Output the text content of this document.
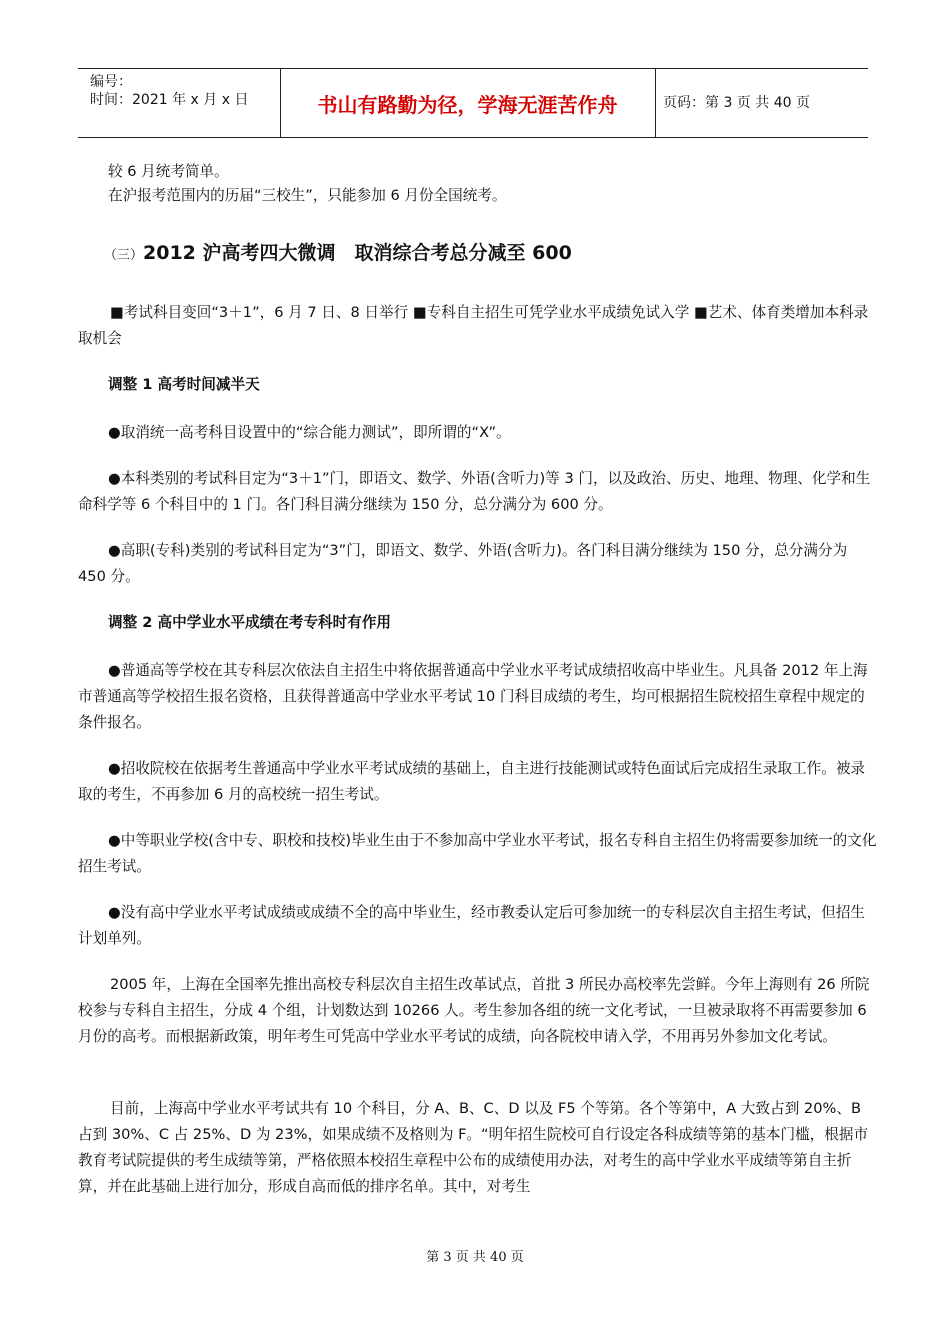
编号：
时间：2021 年 x 月 x 日	书山有路勤为径，学海无涯苦作舟	页码：第 3 页 共 40 页

较 6 月统考简单。

在沪报考范围内的历届“三校生”，只能参加 6 月份全国统考。

（三）2012 沪高考四大微调　取消综合考总分减至 600

■考试科目变回“3＋1”，6 月 7 日、8 日举行 ■专科自主招生可凭学业水平成绩免试入学 ■艺术、体育类增加本科录取机会

调整 1 高考时间减半天

●取消统一高考科目设置中的“综合能力测试”，即所谓的“X”。

●本科类别的考试科目定为“3＋1”门，即语文、数学、外语(含听力)等 3 门，以及政治、历史、地理、物理、化学和生命科学等 6 个科目中的 1 门。各门科目满分继续为 150 分，总分满分为 600 分。

●高职(专科)类别的考试科目定为“3”门，即语文、数学、外语(含听力)。各门科目满分继续为 150 分，总分满分为 450 分。

调整 2 高中学业水平成绩在考专科时有作用

●普通高等学校在其专科层次依法自主招生中将依据普通高中学业水平考试成绩招收高中毕业生。凡具备 2012 年上海市普通高等学校招生报名资格，且获得普通高中学业水平考试 10 门科目成绩的考生，均可根据招生院校招生章程中规定的条件报名。

●招收院校在依据考生普通高中学业水平考试成绩的基础上，自主进行技能测试或特色面试后完成招生录取工作。被录取的考生，不再参加 6 月的高校统一招生考试。

●中等职业学校(含中专、职校和技校)毕业生由于不参加高中学业水平考试，报名专科自主招生仍将需要参加统一的文化招生考试。

●没有高中学业水平考试成绩或成绩不全的高中毕业生，经市教委认定后可参加统一的专科层次自主招生考试，但招生计划单列。

2005 年，上海在全国率先推出高校专科层次自主招生改革试点，首批 3 所民办高校率先尝鲜。今年上海则有 26 所院校参与专科自主招生，分成 4 个组，计划数达到 10266 人。考生参加各组的统一文化考试，一旦被录取将不再需要参加 6 月份的高考。而根据新政策，明年考生可凭高中学业水平考试的成绩，向各院校申请入学，不用再另外参加文化考试。

目前，上海高中学业水平考试共有 10 个科目，分 A、B、C、D 以及 F5 个等第。各个等第中，A 大致占到 20%、B 占到 30%、C 占 25%、D 为 23%，如果成绩不及格则为 F。“明年招生院校可自行设定各科成绩等第的基本门槛，根据市教育考试院提供的考生成绩等第，严格依照本校招生章程中公布的成绩使用办法，对考生的高中学业水平成绩等第自主折算，并在此基础上进行加分，形成自高而低的排序名单。其中，对考生

第 3 页 共 40 页
